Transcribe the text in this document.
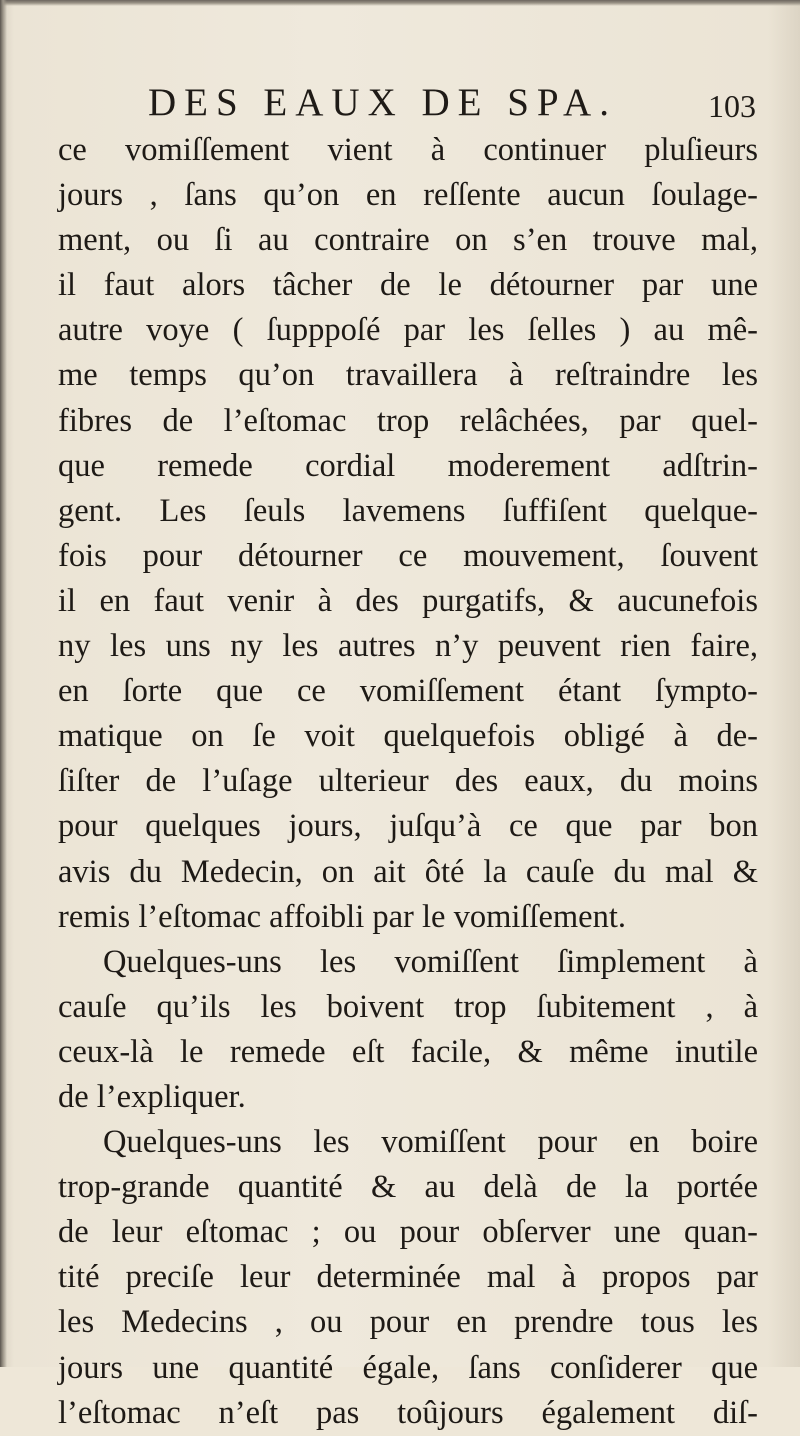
DES EAUX DE SPA.	103
ce vomiſſement vient à continuer pluſieurs
jours , ſans qu’on en reſſente aucun ſoulage-
ment, ou ſi au contraire on s’en trouve mal,
il faut alors tâcher de le détourner par une
autre voye ( ſupppoſé par les ſelles ) au mê-
me temps qu’on travaillera à reſtraindre les
fibres de l’eſtomac trop relâchées, par quel-
que remede cordial moderement adſtrin-
gent. Les ſeuls lavemens ſuffiſent quelque-
fois pour détourner ce mouvement, ſouvent
il en faut venir à des purgatifs, & aucunefois
ny les uns ny les autres n’y peuvent rien faire,
en ſorte que ce vomiſſement étant ſympto-
matique on ſe voit quelquefois obligé à de-
ſiſter de l’uſage ulterieur des eaux, du moins
pour quelques jours, juſqu’à ce que par bon
avis du Medecin, on ait ôté la cauſe du mal &
remis l’eſtomac affoibli par le vomiſſement.
Quelques-uns les vomiſſent ſimplement à
cauſe qu’ils les boivent trop ſubitement , à
ceux-là le remede eſt facile, & même inutile
de l’expliquer.
Quelques-uns les vomiſſent pour en boire
trop-grande quantité & au delà de la portée
de leur eſtomac ; ou pour obſerver une quan-
tité preciſe leur determinée mal à propos par
les Medecins , ou pour en prendre tous les
jours une quantité égale, ſans conſiderer que
l’eſtomac n’eſt pas toûjours également diſ-
